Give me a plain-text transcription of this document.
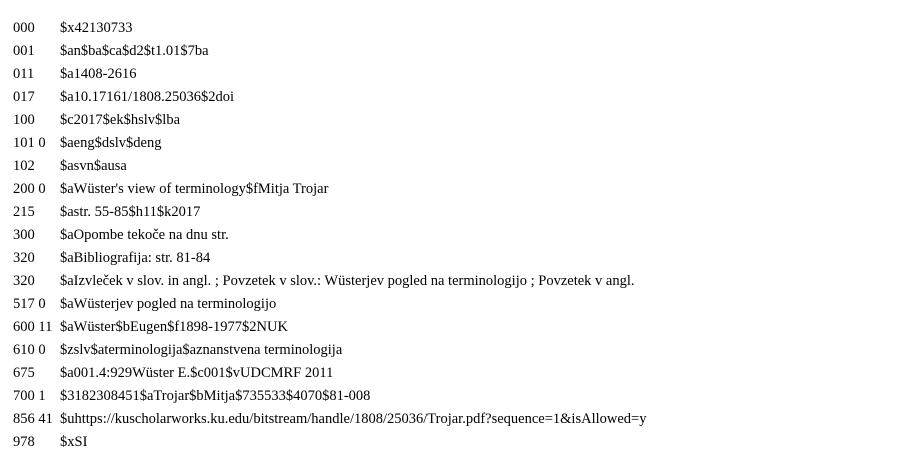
000	$x42130733
001	$an$ba$ca$d2$t1.01$7ba
011	$a1408-2616
017	$a10.17161/1808.25036$2doi
100	$c2017$ek$hslv$lba
101 0 $aeng$dslv$deng
102	$asvn$ausa
200 0 $aWüster's view of terminology$fMitja Trojar
215	$astr. 55-85$h11$k2017
300	$aOpombe tekoče na dnu str.
320	$aBibliografija: str. 81-84
320	$aIzvleček v slov. in angl. ; Povzetek v slov.: Wüsterjev pogled na terminologijo ; Povzetek v angl.
517 0 $aWüsterjev pogled na terminologijo
600 11 $aWüster$bEugen$f1898-1977$2NUK
610 0 $zslv$aterminologija$aznanstvena terminologija
675	$a001.4:929Wüster E.$c001$vUDCMRF 2011
700 1 $3182308451$aTrojar$bMitja$735533$4070$81-008
856 41 $uhttps://kuscholarworks.ku.edu/bitstream/handle/1808/25036/Trojar.pdf?sequence=1&isAllowed=y
978	$xSI
